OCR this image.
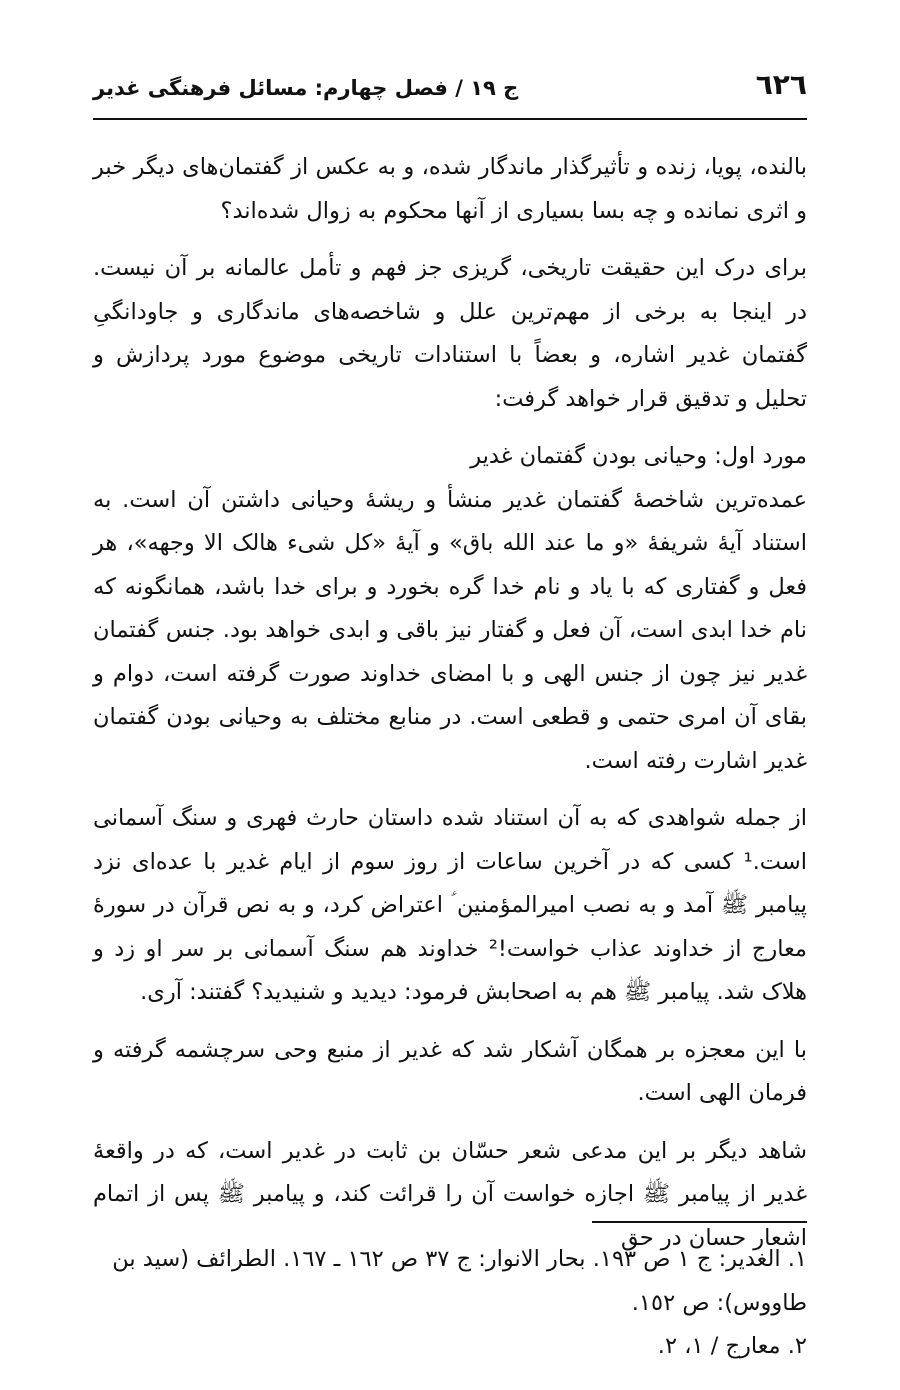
٦٢٦
ج ١٩ / فصل چهارم: مسائل فرهنگی غدیر

بالنده، پویا، زنده و تأثیرگذار ماندگار شده، و به عکس از گفتمان‌های دیگر خبر و اثری نمانده و چه بسا بسیاری از آنها محکوم به زوال شده‌اند؟

برای درک این حقیقت تاریخی، گریزی جز فهم و تأمل عالمانه بر آن نیست. در اینجا به برخی از مهم‌ترین علل و شاخصه‌های ماندگاری و جاودانگیِ گفتمان غدیر اشاره، و بعضاً با استنادات تاریخی موضوع مورد پردازش و تحلیل و تدقیق قرار خواهد گرفت:

مورد اول: وحیانی بودن گفتمان غدیر

عمده‌ترین شاخصهٔ گفتمان غدیر منشأ و ریشهٔ وحیانی داشتن آن است. به استناد آیهٔ شریفهٔ «و ما عند الله باق» و آیهٔ «کل شیء هالک الا وجهه»، هر فعل و گفتاری که با یاد و نام خدا گره بخورد و برای خدا باشد، همانگونه که نام خدا ابدی است، آن فعل و گفتار نیز باقی و ابدی خواهد بود. جنس گفتمان غدیر نیز چون از جنس الهی و با امضای خداوند صورت گرفته است، دوام و بقای آن امری حتمی و قطعی است. در منابع مختلف به وحیانی بودن گفتمان غدیر اشارت رفته است.

از جمله شواهدی که به آن استناد شده داستان حارث فهری و سنگ آسمانی است.¹ کسی که در آخرین ساعات از روز سوم از ایام غدیر با عده‌ای نزد پیامبر ﷺ آمد و به نصب امیرالمؤمنین ؑ اعتراض کرد، و به نص قرآن در سورهٔ معارج از خداوند عذاب خواست!² خداوند هم سنگ آسمانی بر سر او زد و هلاک شد. پیامبر ﷺ هم به اصحابش فرمود: دیدید و شنیدید؟ گفتند: آری.

با این معجزه بر همگان آشکار شد که غدیر از منبع وحی سرچشمه گرفته و فرمان الهی است.

شاهد دیگر بر این مدعی شعر حسّان بن ثابت در غدیر است، که در واقعهٔ غدیر از پیامبر ﷺ اجازه خواست آن را قرائت کند، و پیامبر ﷺ پس از اتمام اشعار حسان در حق

١. الغدیر: ج ١ ص ١٩٣. بحار الانوار: ج ٣٧ ص ١٦٢ ـ ١٦٧. الطرائف (سید بن طاووس): ص ١٥٢.

٢. معارج / ١، ٢.
